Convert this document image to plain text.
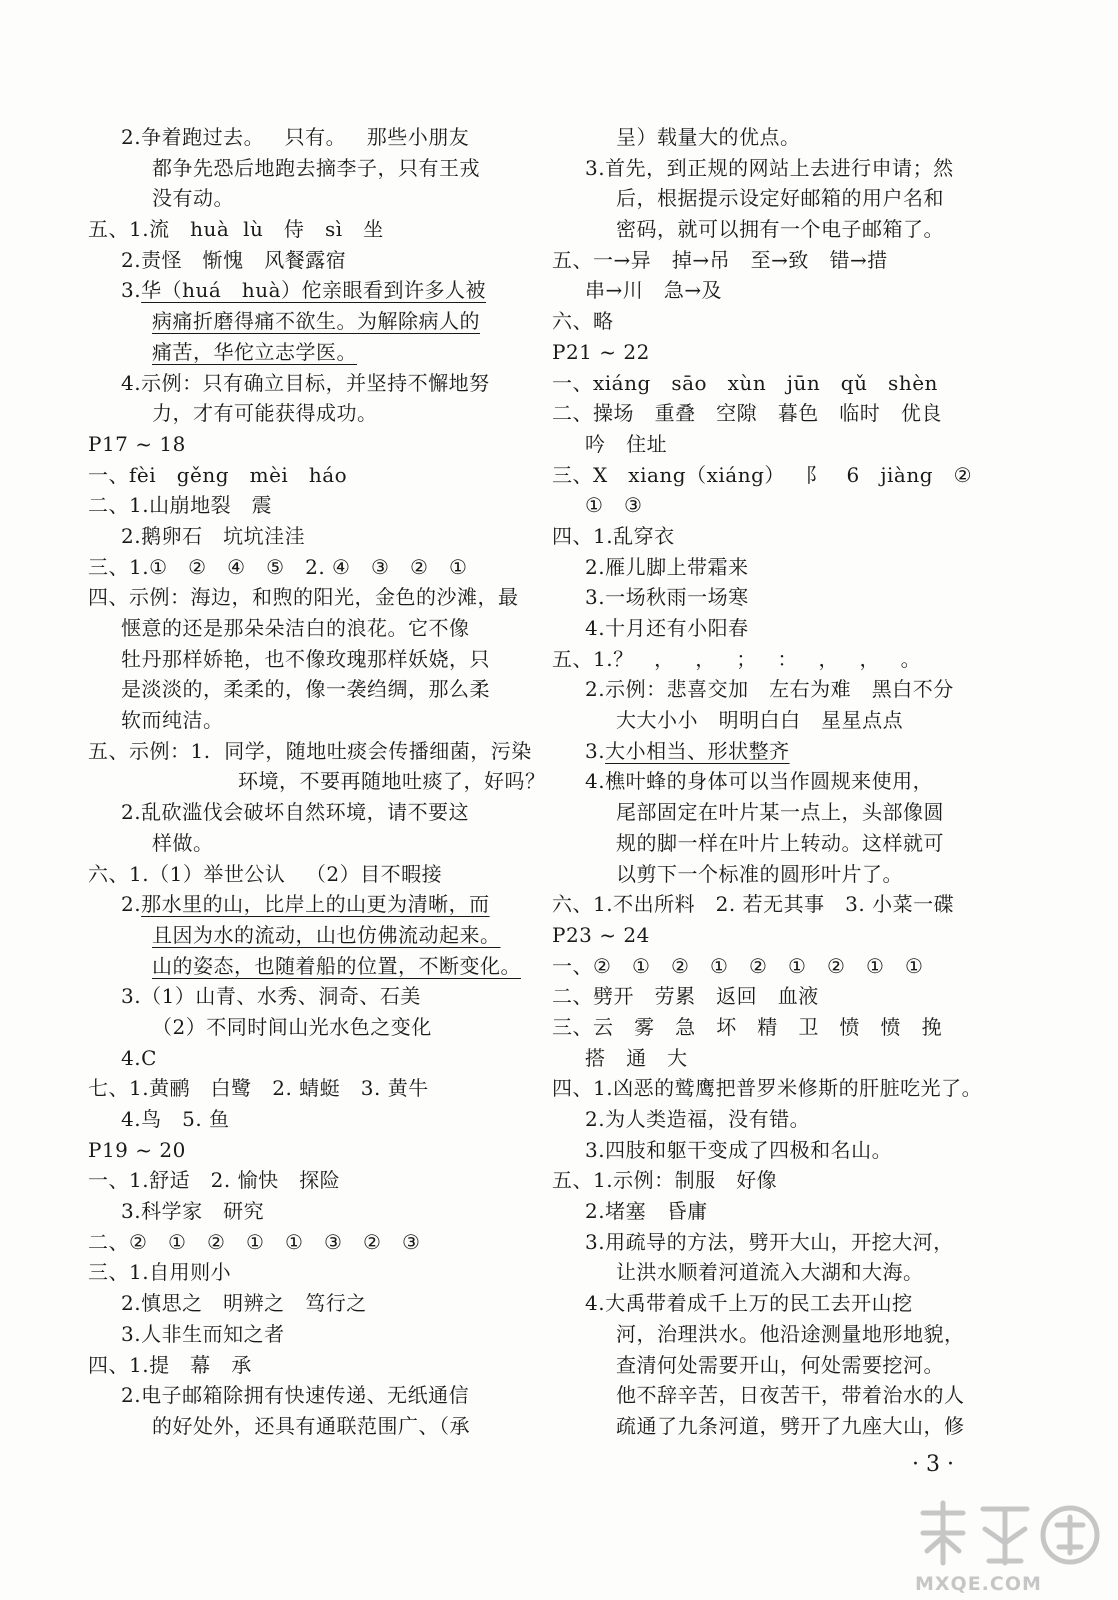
2. 争着跑过去。   只有。   那些小朋友
都争先恐后地跑去摘李子，只有王戎
没有动。
五、1. 流   huà  lù   侍   sì   坐
2. 责怪   惭愧   风餐露宿
3. 华（huá   huà）佗亲眼看到许多人被
病痛折磨得痛不欲生。为解除病人的
痛苦，华佗立志学医。
4. 示例：只有确立目标，并坚持不懈地努
力，才有可能获得成功。
P17 ~ 18
一、 fèi   gěng   mèi   háo
二、1. 山崩地裂   震
2. 鹅卵石   坑坑洼洼
三、1. ①   ②   ④   ⑤   2. ④   ③   ②   ①
四、 示例：海边，和煦的阳光，金色的沙滩，最
惬意的还是那朵朵洁白的浪花。它不像
牡丹那样娇艳，也不像玫瑰那样妖娆，只
是淡淡的，柔柔的，像一袭绉绸，那么柔
软而纯洁。
五、 示例：1.  同学，随地吐痰会传播细菌，污染
环境，不要再随地吐痰了，好吗？
2. 乱砍滥伐会破坏自然环境，请不要这
样做。
六、1. （1）举世公认   （2）目不暇接
2. 那水里的山，比岸上的山更为清晰，而
且因为水的流动，山也仿佛流动起来。
山的姿态，也随着船的位置，不断变化。
3. （1）山青、水秀、洞奇、石美
（2）不同时间山光水色之变化
4. C
七、1. 黄鹂   白鹭   2. 蜻蜓   3. 黄牛
4. 鸟   5. 鱼
P19 ~ 20
一、1. 舒适   2. 愉快   探险
3. 科学家   研究
二、 ②   ①   ②   ①   ①   ③   ②   ③
三、1. 自用则小
2. 慎思之   明辨之   笃行之
3. 人非生而知之者
四、1. 提   幕   承
2. 电子邮箱除拥有快速传递、无纸通信
的好处外，还具有通联范围广、（承
呈）载量大的优点。
3. 首先，到正规的网站上去进行申请；然
后，根据提示设定好邮箱的用户名和
密码，就可以拥有一个电子邮箱了。
五、 一→异   掉→吊   至→致   错→措
串→川   急→及
六、 略
P21 ~ 22
一、 xiáng   sāo   xùn   jūn   qǔ   shèn
二、 操场   重叠   空隙   暮色   临时   优良
吟   住址
三、 X   xiang（xiáng）   阝   6   jiàng   ②
①   ③
四、1. 乱穿衣
2. 雁儿脚上带霜来
3. 一场秋雨一场寒
4. 十月还有小阳春
五、1. ？   ，   ，   ；   ：   ，   ，   。
2. 示例：悲喜交加   左右为难   黑白不分
大大小小   明明白白   星星点点
3. 大小相当、形状整齐
4. 樵叶蜂的身体可以当作圆规来使用，
尾部固定在叶片某一点上，头部像圆
规的脚一样在叶片上转动。这样就可
以剪下一个标准的圆形叶片了。
六、1. 不出所料   2. 若无其事   3. 小菜一碟
P23 ~ 24
一、 ②   ①   ②   ①   ②   ①   ②   ①   ①
二、 劈开   劳累   返回   血液
三、 云   雾   急   坏   精   卫   愤   愤   挽
搭   通   大
四、1. 凶恶的鹫鹰把普罗米修斯的肝脏吃光了。
2. 为人类造福，没有错。
3. 四肢和躯干变成了四极和名山。
五、1. 示例：制服   好像
2. 堵塞   昏庸
3. 用疏导的方法，劈开大山，开挖大河，
让洪水顺着河道流入大湖和大海。
4. 大禹带着成千上万的民工去开山挖
河，治理洪水。他沿途测量地形地貌，
查清何处需要开山，何处需要挖河。
他不辞辛苦，日夜苦干，带着治水的人
疏通了九条河道，劈开了九座大山，修
· 3 ·
MXQE.COM
